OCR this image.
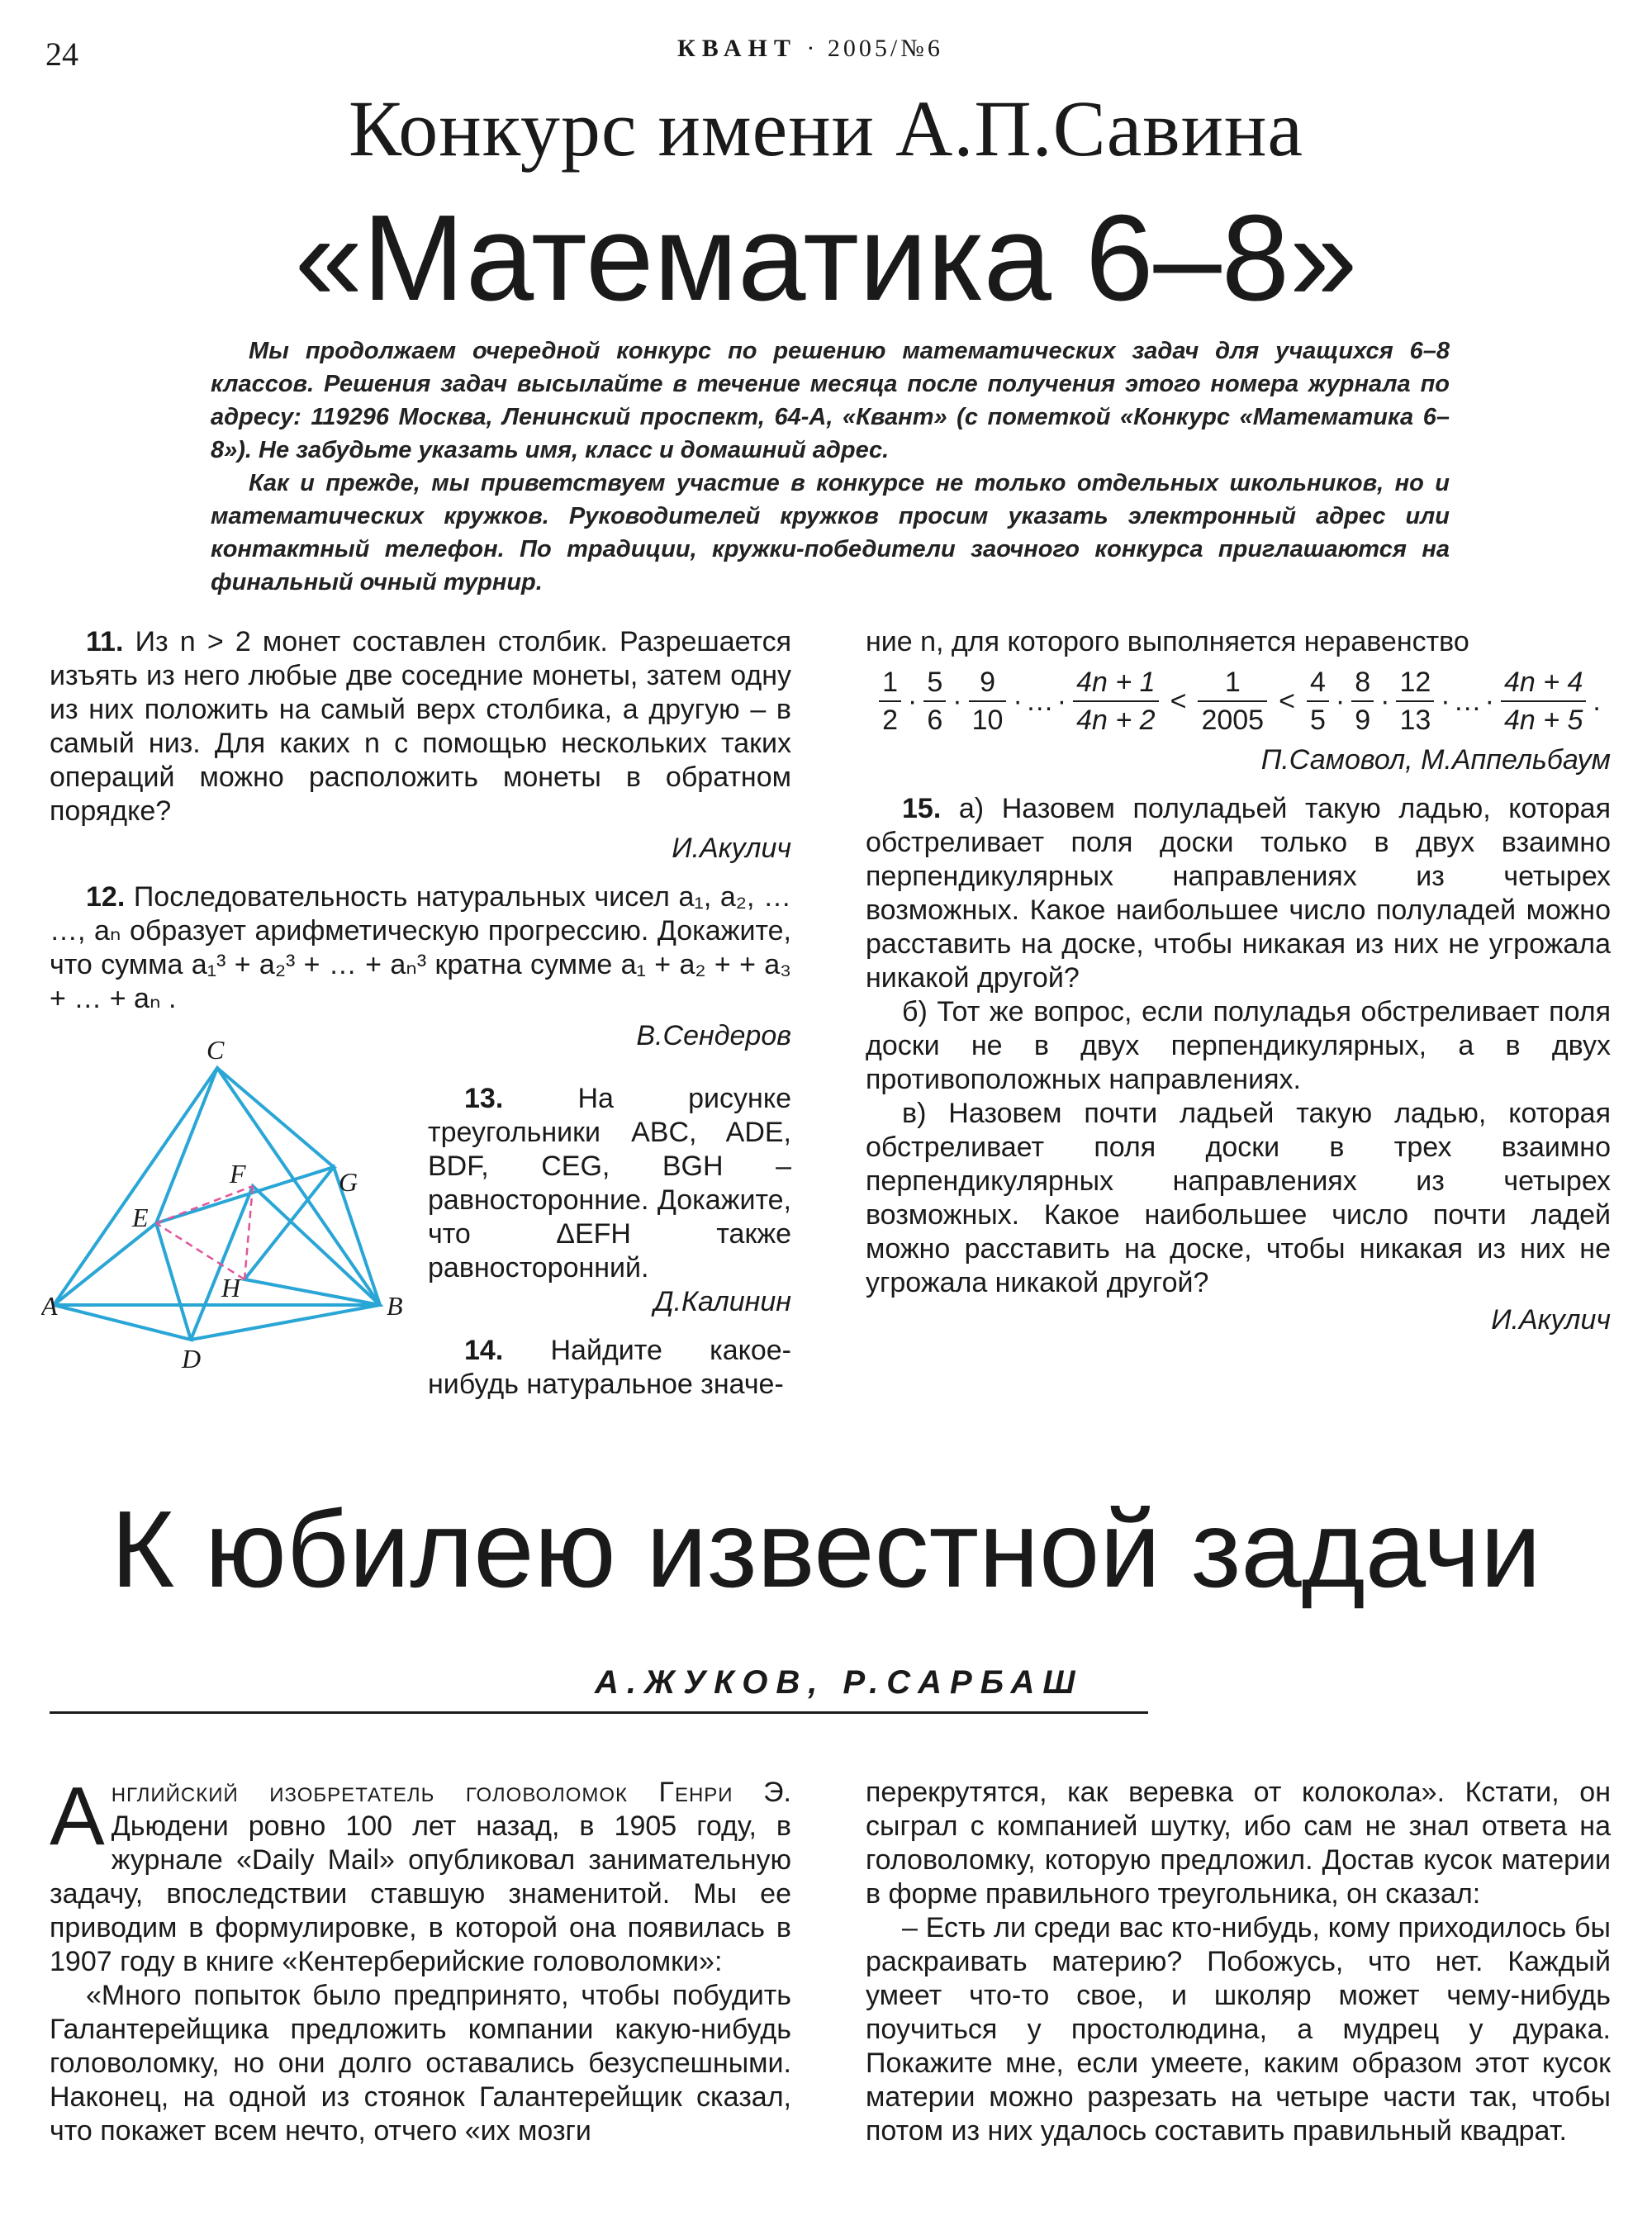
24	КВАНТ · 2005/№6
Конкурс имени А.П.Савина
«Математика 6–8»

Мы продолжаем очередной конкурс по решению математических задач для учащихся 6–8 классов. Решения задач высылайте в течение месяца после получения этого номера журнала по адресу: 119296 Москва, Ленинский проспект, 64-А, «Квант» (с пометкой «Конкурс «Математика 6–8»). Не забудьте указать имя, класс и домашний адрес.

Как и прежде, мы приветствуем участие в конкурсе не только отдельных школьников, но и математических кружков. Руководителей кружков просим указать электронный адрес или контактный телефон. По традиции, кружки-победители заочного конкурса приглашаются на финальный очный турнир.

11. Из n > 2 монет составлен столбик. Разрешается изъять из него любые две соседние монеты, затем одну из них положить на самый верх столбика, а другую – в самый низ. Для каких n с помощью нескольких таких операций можно расположить монеты в обратном порядке?

И.Акулич

12. Последовательность натуральных чисел a₁, a₂, … …, aₙ образует арифметическую прогрессию. Докажите, что сумма a₁³ + a₂³ + … + aₙ³ кратна сумме a₁ + a₂ + + a₃ + … + aₙ .

В.Сендеров
A	B
C
D
E
F	G
H

13.	На рисунке треугольники ABC, ADE, BDF, CEG, BGH – равносторонние. Докажите, что ΔEFH также равносторонний.

Д.Калинин

14. Найдите какое-нибудь натуральное значе-

ние n, для которого выполняется неравенство

$\frac{1}{2} \cdot \frac{5}{6} \cdot \frac{9}{10}$ · … · $\frac{4n + 1}{4n + 2} < \frac{1}{2005} < \frac{4}{5} \cdot \frac{8}{9} \cdot \frac{12}{13}$ · … · $\frac{4n + 4}{4n + 5}$ .
П.Самовол, М.Аппельбаум

15. а) Назовем полуладьей такую ладью, которая обстреливает поля доски только в двух взаимно перпендикулярных направлениях из четырех возможных. Какое наибольшее число полуладей можно расставить на доске, чтобы никакая из них не угрожала никакой другой?

б) Тот же вопрос, если полуладья обстреливает поля доски не в двух перпендикулярных, а в двух противоположных направлениях.

в) Назовем почти ладьей такую ладью, которая обстреливает поля доски в трех взаимно перпендикулярных направлениях из четырех возможных. Какое наибольшее число почти ладей можно расставить на доске, чтобы никакая из них не угрожала никакой другой?

И.Акулич
К юбилею известной задачи
А.ЖУКОВ, Р.САРБАШ

Английский изобретатель головоломок Генри Э. Дьюдени ровно 100 лет назад, в 1905 году, в журнале «Daily Mail» опубликовал занимательную задачу, впоследствии ставшую знаменитой. Мы ее приводим в формулировке, в которой она появилась в 1907 году в книге «Кентерберийские головоломки»:

«Много попыток было предпринято, чтобы побудить Галантерейщика предложить компании какую-нибудь головоломку, но они долго оставались безуспешными. Наконец, на одной из стоянок Галантерейщик сказал, что покажет всем нечто, отчего «их мозги

перекрутятся, как веревка от колокола». Кстати, он сыграл с компанией шутку, ибо сам не знал ответа на головоломку, которую предложил. Достав кусок материи в форме правильного треугольника, он сказал:

– Есть ли среди вас кто-нибудь, кому приходилось бы раскраивать материю? Побожусь, что нет. Каждый умеет что-то свое, и школяр может чему-нибудь поучиться у простолюдина, а мудрец у дурака. Покажите мне, если умеете, каким образом этот кусок материи можно разрезать на четыре части так, чтобы потом из них удалось составить правильный квадрат.
